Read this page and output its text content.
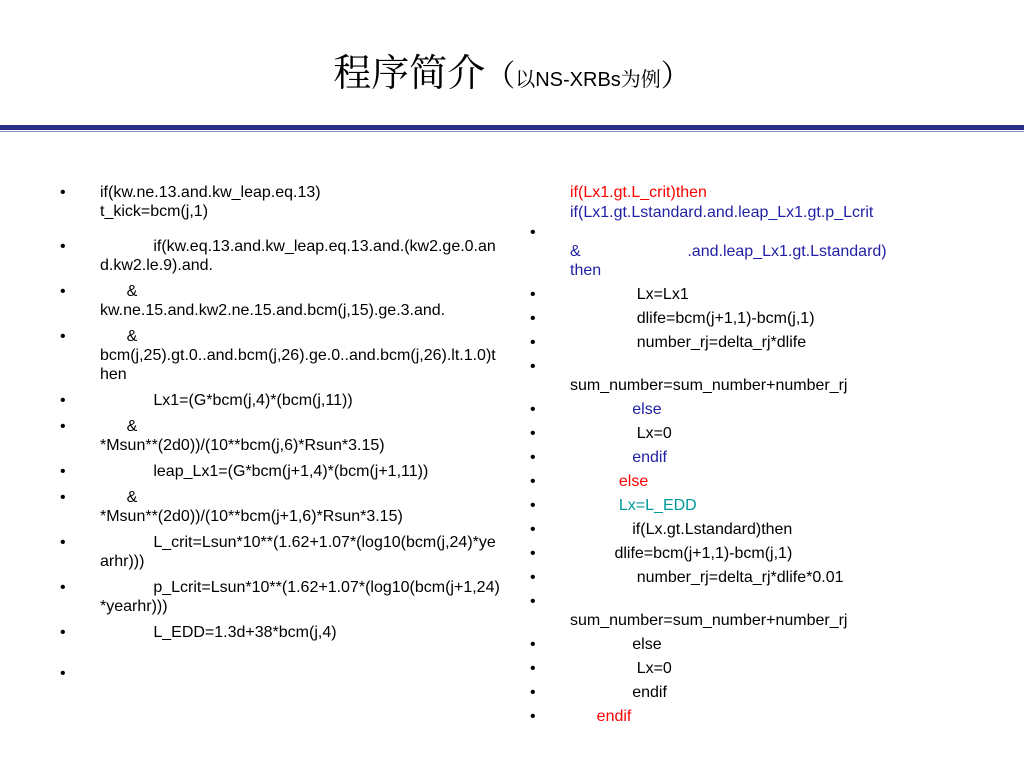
程序简介（以NS-XRBs为例）
• if(kw.ne.13.and.kw_leap.eq.13)
t_kick=bcm(j,1)
• if(kw.eq.13.and.kw_leap.eq.13.and.(kw2.ge.0.and.kw2.le.9).and.
•	&
kw.ne.15.and.kw2.ne.15.and.bcm(j,15).ge.3.and.
•	&
bcm(j,25).gt.0..and.bcm(j,26).ge.0..and.bcm(j,26).lt.1.0)then
• Lx1=(G*bcm(j,4)*(bcm(j,11))
•	&
*Msun**(2d0))/(10**bcm(j,6)*Rsun*3.15)
• leap_Lx1=(G*bcm(j+1,4)*(bcm(j+1,11))
•	&
*Msun**(2d0))/(10**bcm(j+1,6)*Rsun*3.15)
• L_crit=Lsun*10**(1.62+1.07*(log10(bcm(j,24)*yearhr)))
• p_Lcrit=Lsun*10**(1.62+1.07*(log10(bcm(j+1,24)*yearhr)))
• L_EDD=1.3d+38*bcm(j,4)
•
if(Lx1.gt.L_crit)then
if(Lx1.gt.Lstandard.and.leap_Lx1.gt.p_Lcrit
•

&                        .and.leap_Lx1.gt.Lstandard)
then
• Lx=Lx1
• dlife=bcm(j+1,1)-bcm(j,1)
• number_rj=delta_rj*dlife
•

sum_number=sum_number+number_rj
• else
• Lx=0
• endif
• else
• Lx=L_EDD
• if(Lx.gt.Lstandard)then
• dlife=bcm(j+1,1)-bcm(j,1)
• number_rj=delta_rj*dlife*0.01
•

sum_number=sum_number+number_rj
• else
• Lx=0
• endif
• endif
